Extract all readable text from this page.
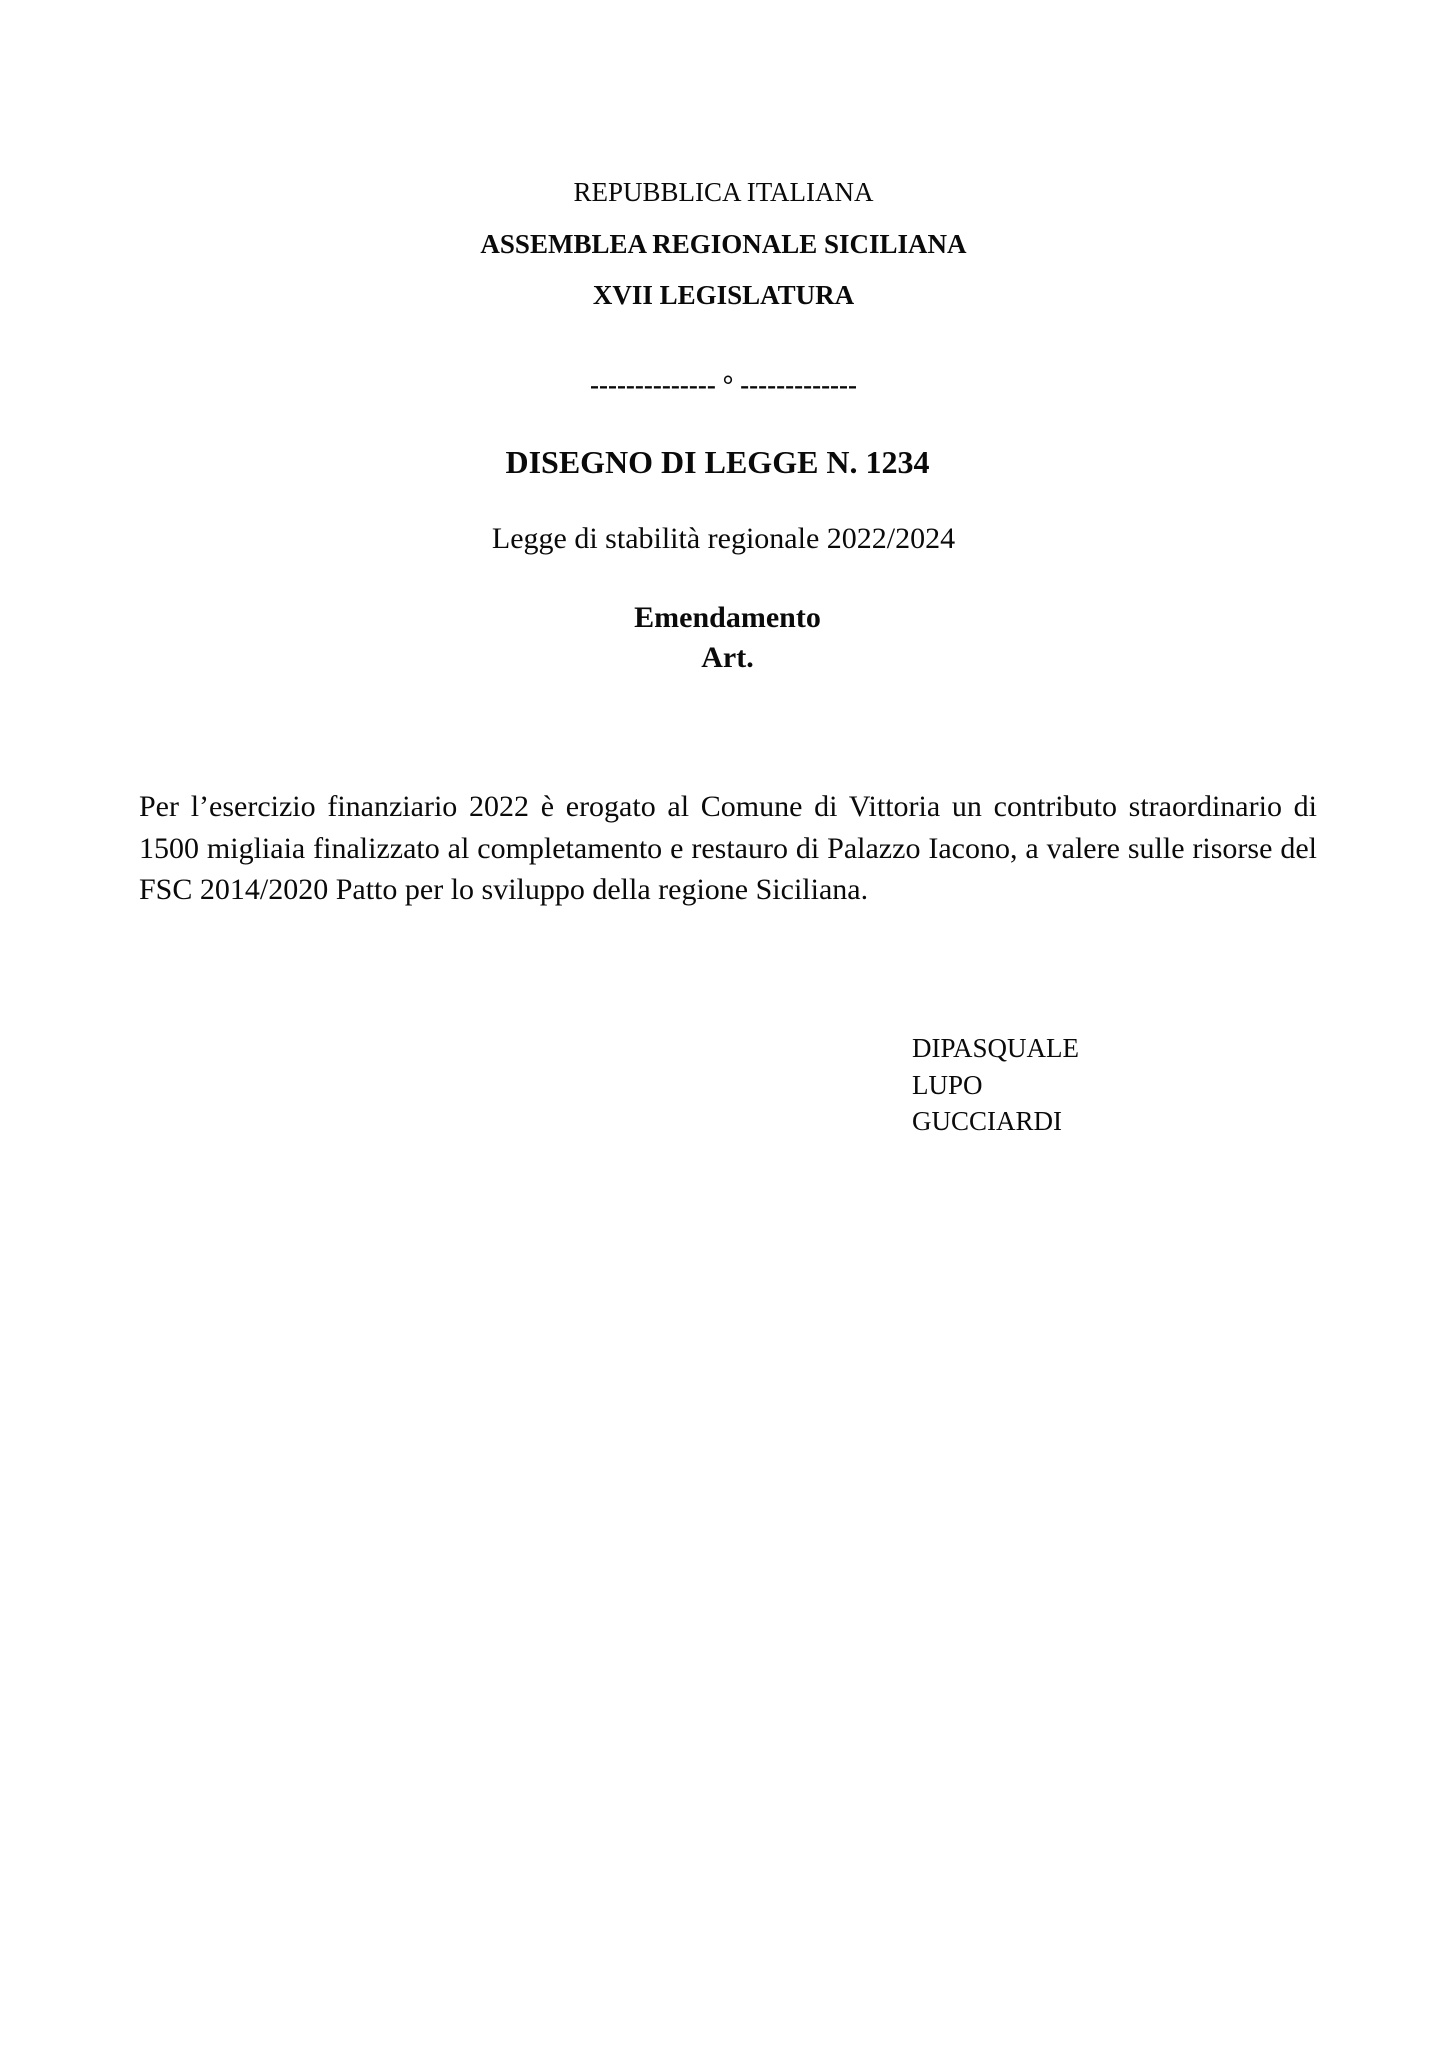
REPUBBLICA ITALIANA
ASSEMBLEA REGIONALE SICILIANA
XVII LEGISLATURA
-------------- ° -------------
DISEGNO DI LEGGE N. 1234
Legge di stabilità regionale 2022/2024
Emendamento
Art.

Per l’esercizio finanziario 2022 è erogato al Comune di Vittoria un contributo straordinario di 1500 migliaia finalizzato al completamento e restauro di Palazzo Iacono, a valere sulle risorse del FSC 2014/2020 Patto per lo sviluppo della regione Siciliana.

DIPASQUALE
LUPO
GUCCIARDI
